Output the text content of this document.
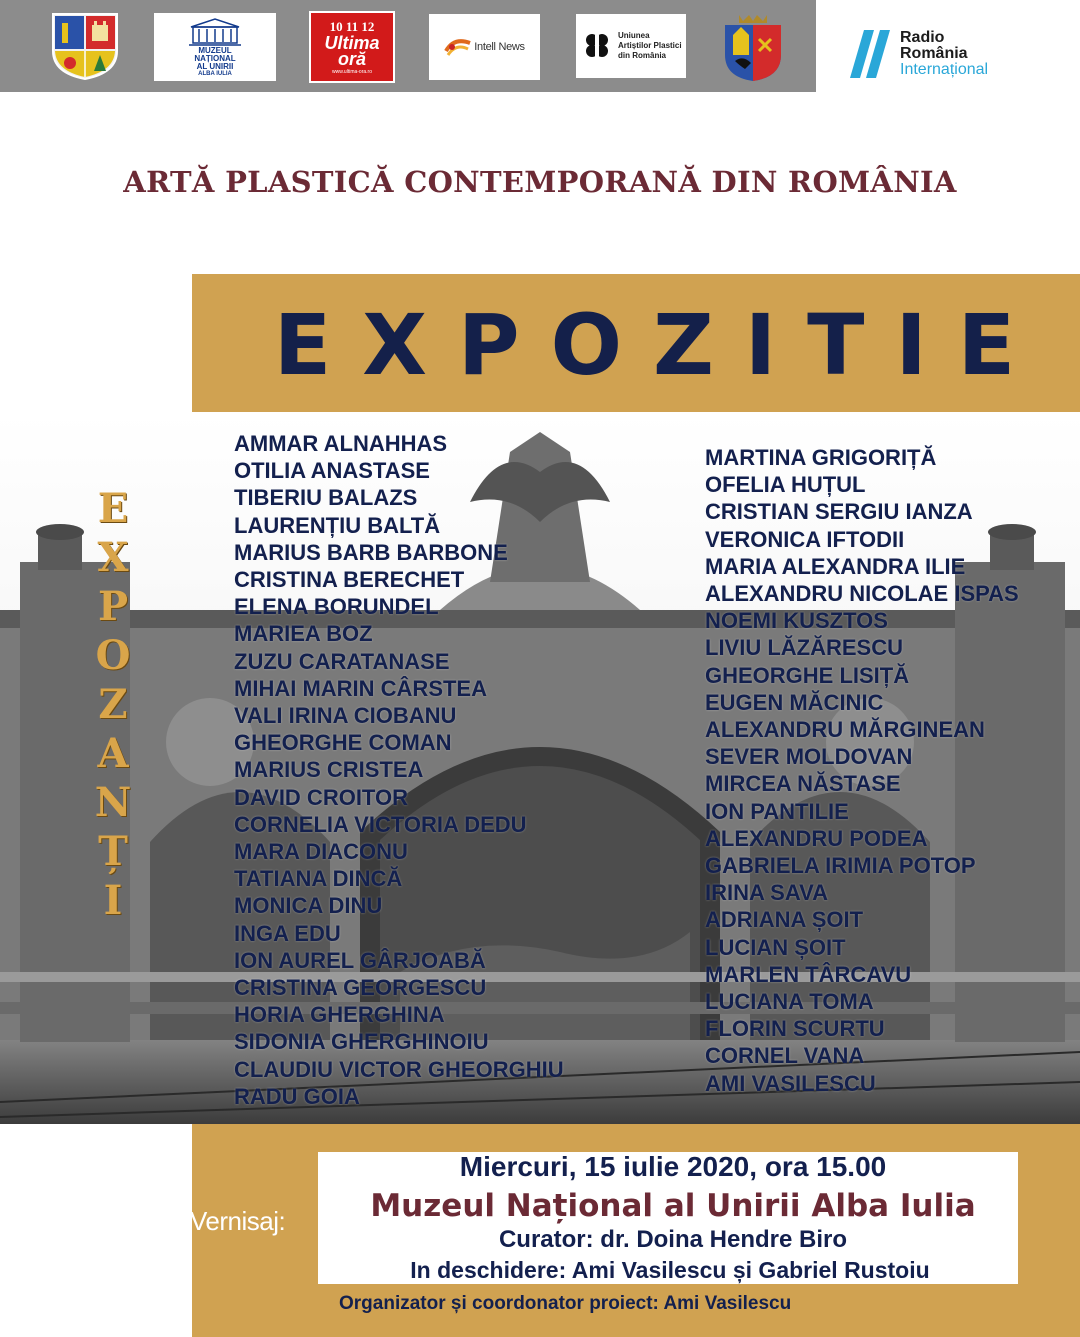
MUZEUL
NAȚIONAL
AL UNIRII
ALBA IULIA
10 11 12
Ultima
oră
www.ultima-ora.ro
Intell News
Uniunea
Artiștilor Plastici
din România
Radio
România
Internațional
ARTĂ PLASTICĂ CONTEMPORANĂ DIN ROMÂNIA
EXPOZITIE
E
X
P
O
Z
A
N
Ț
I
AMMAR ALNAHHAS
OTILIA ANASTASE
TIBERIU BALAZS
LAURENȚIU BALTĂ
MARIUS BARB BARBONE
CRISTINA BERECHET
ELENA BORUNDEL
MARIEA BOZ
ZUZU CARATANASE
MIHAI MARIN CÂRSTEA
VALI IRINA CIOBANU
GHEORGHE COMAN
MARIUS CRISTEA
DAVID CROITOR
CORNELIA VICTORIA DEDU
MARA DIACONU
TATIANA DINCĂ
MONICA DINU
INGA EDU
ION AUREL GÂRJOABĂ
CRISTINA GEORGESCU
HORIA GHERGHINA
SIDONIA GHERGHINOIU
CLAUDIU VICTOR GHEORGHIU
RADU GOIA
MARTINA GRIGORIȚĂ
OFELIA HUȚUL
CRISTIAN SERGIU IANZA
VERONICA IFTODII
MARIA ALEXANDRA ILIE
ALEXANDRU NICOLAE ISPAS
NOEMI KUSZTOS
LIVIU LĂZĂRESCU
GHEORGHE LISIȚĂ
EUGEN MĂCINIC
ALEXANDRU MĂRGINEAN
SEVER MOLDOVAN
MIRCEA NĂSTASE
ION PANTILIE
ALEXANDRU PODEA
GABRIELA IRIMIA POTOP
IRINA SAVA
ADRIANA ȘOIT
LUCIAN ȘOIT
MARLEN TÂRCAVU
LUCIANA TOMA
FLORIN SCURTU
CORNEL VANA
AMI VASILESCU
Vernisaj:
Miercuri, 15 iulie 2020, ora 15.00
Muzeul Național al Unirii Alba Iulia
Curator: dr. Doina Hendre Biro
In deschidere: Ami Vasilescu și Gabriel Rustoiu
Organizator și coordonator proiect: Ami Vasilescu
